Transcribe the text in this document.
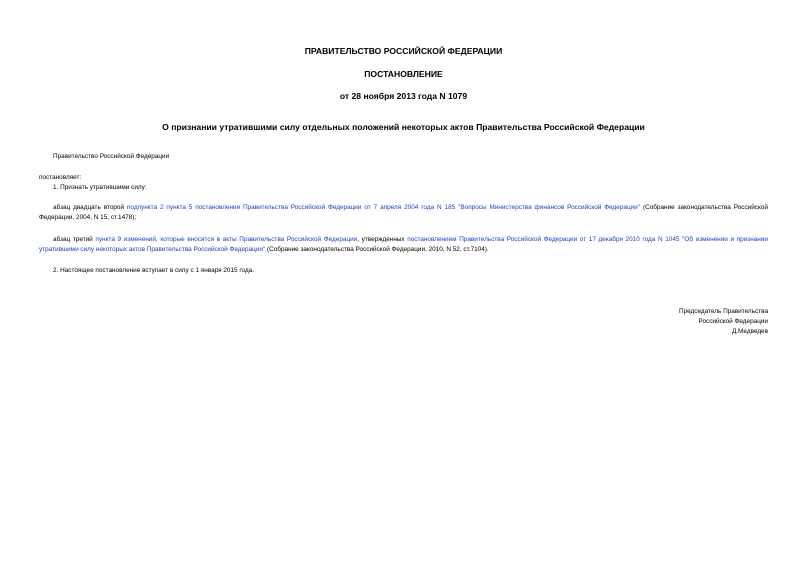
ПРАВИТЕЛЬСТВО РОССИЙСКОЙ ФЕДЕРАЦИИ
ПОСТАНОВЛЕНИЕ
от 28 ноября 2013 года N 1079
О признании утратившими силу отдельных положений некоторых актов Правительства Российской Федерации
Правительство Российской Федерации
постановляет:
1. Признать утратившими силу:
абзац двадцать второй подпункта 2 пункта 5 постановления Правительства Российской Федерации от 7 апреля 2004 года N 185 "Вопросы Министерства финансов Российской Федерации" (Собрание законодательства Российской Федерации, 2004, N 15, ст.1478);
абзац третий пункта 9 изменений, которые вносятся в акты Правительства Российской Федерации, утвержденных постановлением Правительства Российской Федерации от 17 декабря 2010 года N 1045 "Об изменении и признании утратившими силу некоторых актов Правительства Российской Федерации" (Собрание законодательства Российской Федерации, 2010, N 52, ст.7104).
2. Настоящее постановление вступает в силу с 1 января 2015 года.
Председатель Правительства
Российской Федерации
Д.Медведев
